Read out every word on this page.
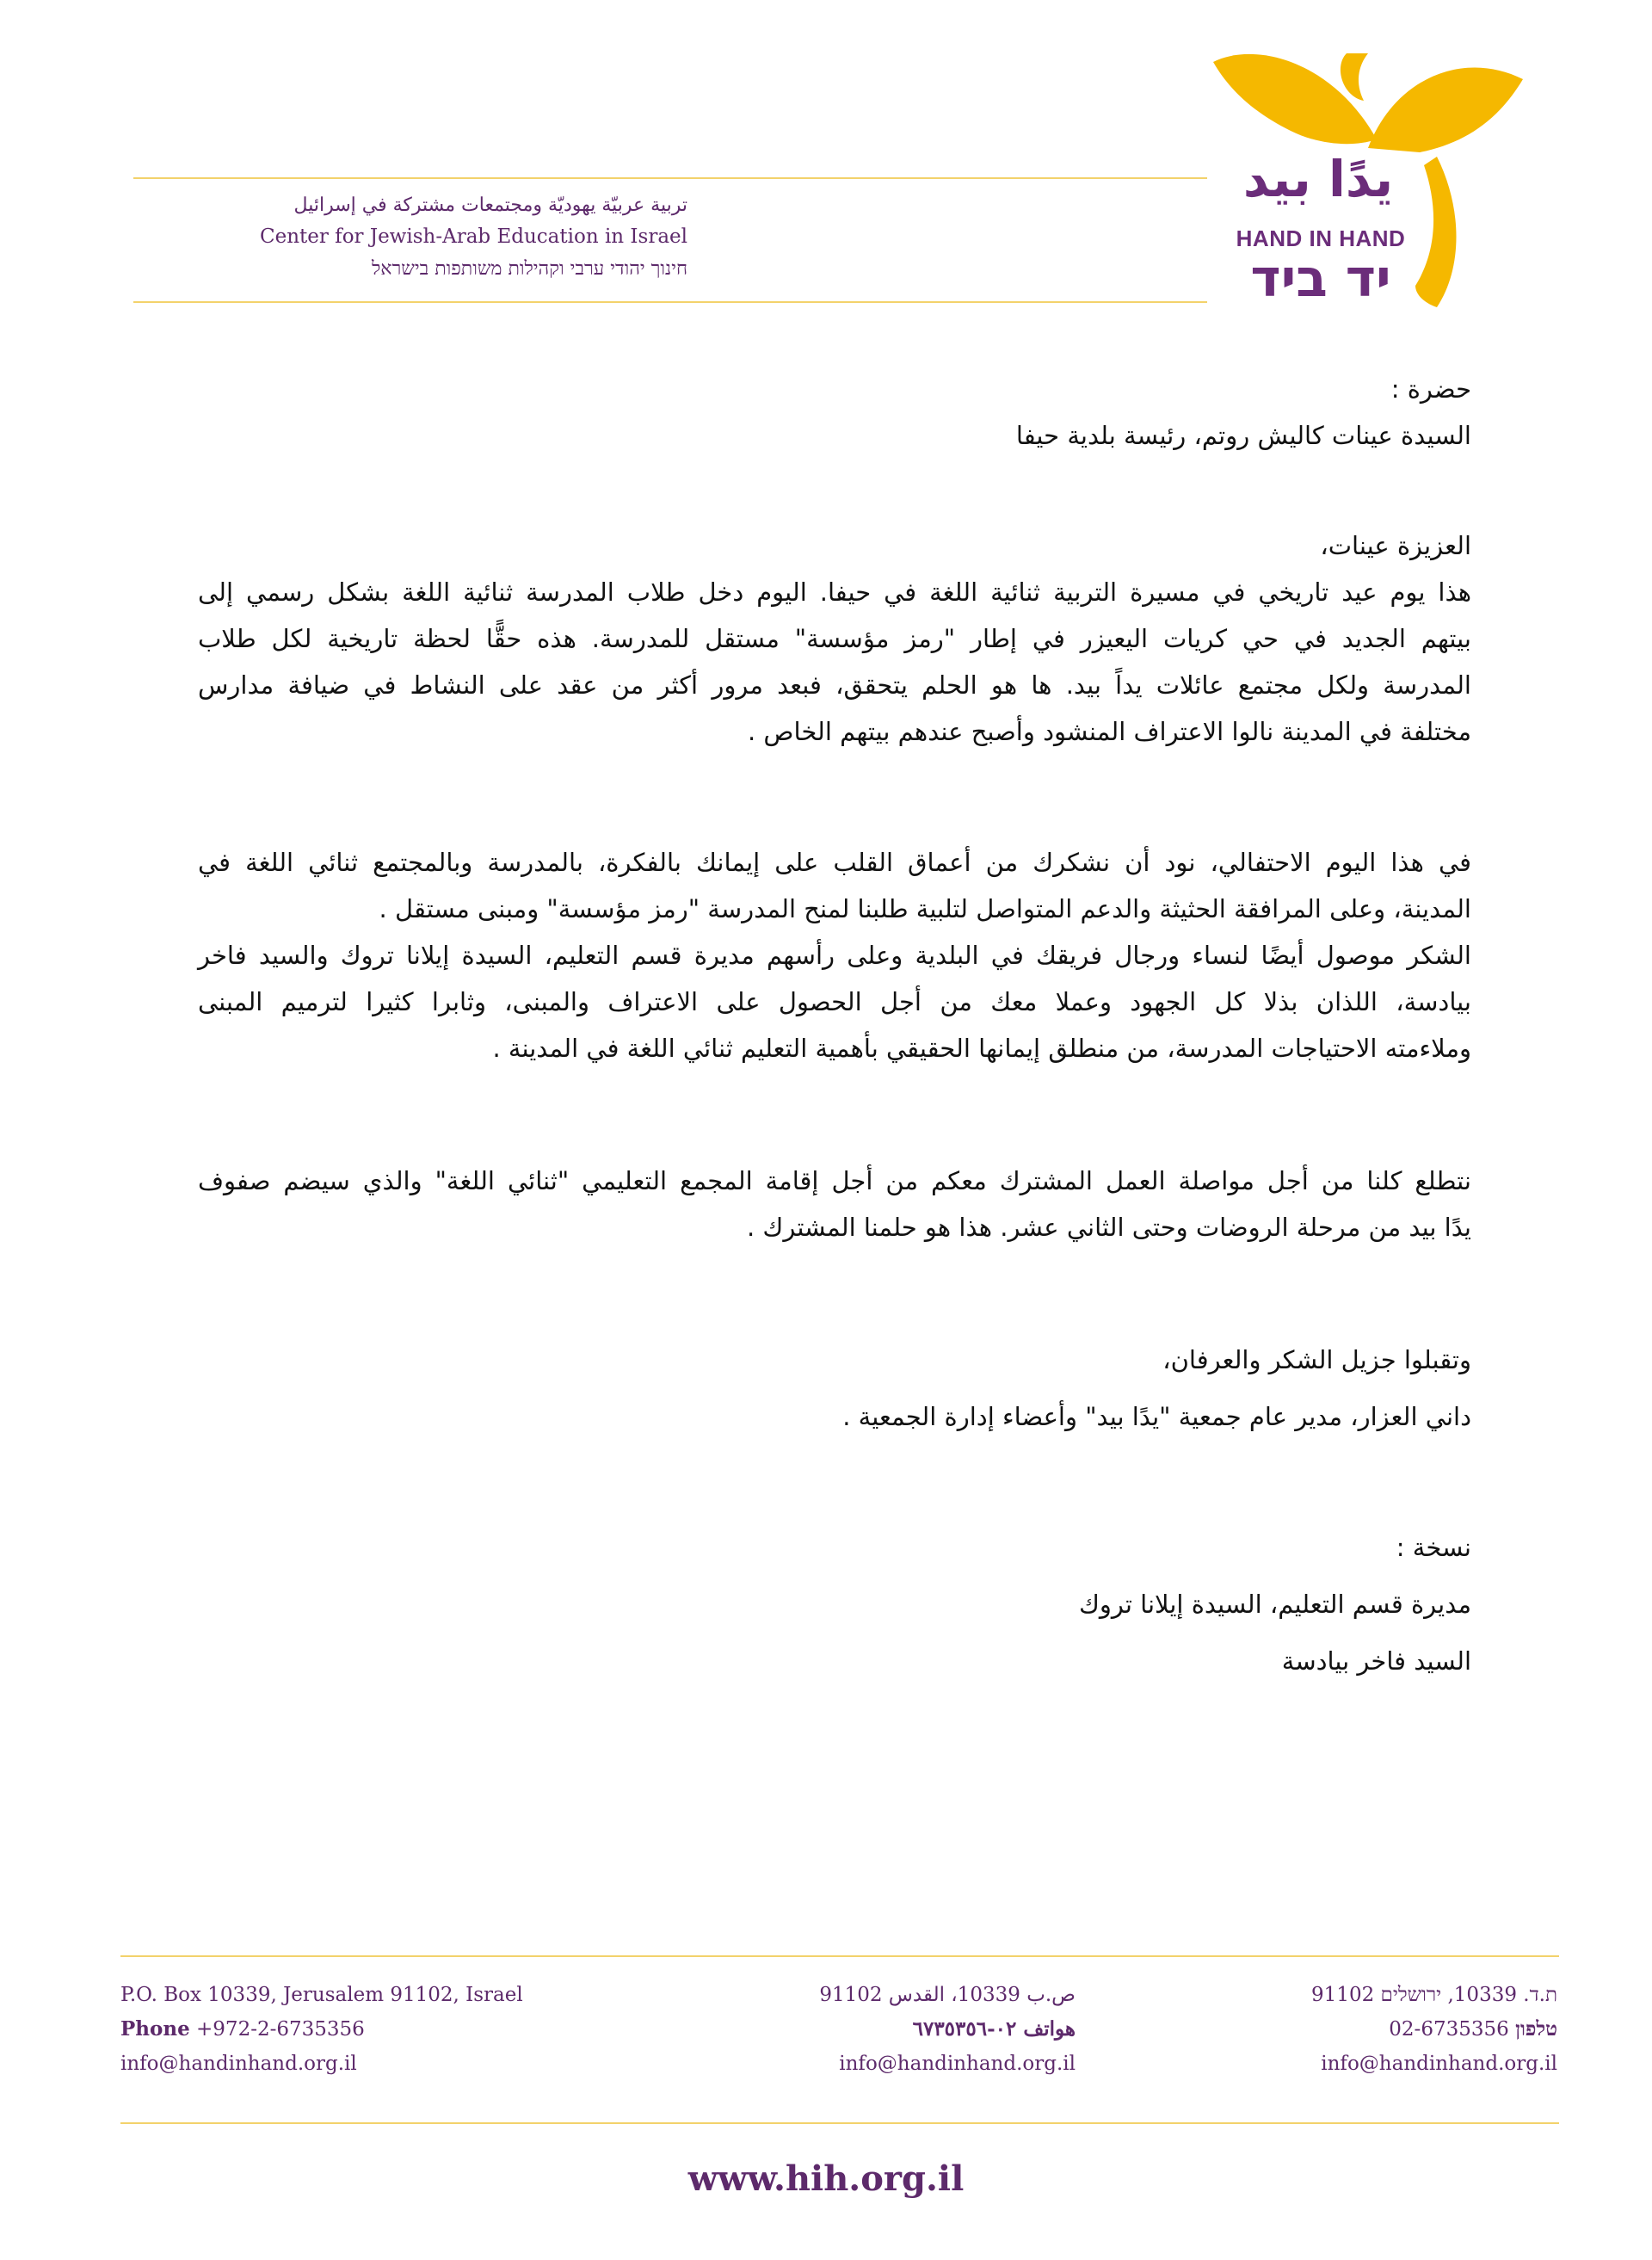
تربية عربيّة يهوديّة ومجتمعات مشتركة في إسرائيل
Center for Jewish-Arab Education in Israel
חינוך יהודי ערבי וקהילות משותפות בישראל
يدًا بيد
HAND IN HAND
יד ביד
حضرة :
السيدة عينات كاليش روتم، رئيسة بلدية حيفا
العزيزة عينات،
هذا يوم عيد تاريخي في مسيرة التربية ثنائية اللغة في حيفا. اليوم دخل طلاب المدرسة ثنائية اللغة بشكل رسمي إلى
بيتهم الجديد في حي كريات اليعيزر في إطار "رمز مؤسسة" مستقل للمدرسة. هذه حقًّا لحظة تاريخية لكل طلاب
المدرسة ولكل مجتمع عائلات يداً بيد. ها هو الحلم يتحقق، فبعد مرور أكثر من عقد على النشاط في ضيافة مدارس
مختلفة في المدينة نالوا الاعتراف المنشود وأصبح عندهم بيتهم الخاص .
في هذا اليوم الاحتفالي، نود أن نشكرك من أعماق القلب على إيمانك بالفكرة، بالمدرسة وبالمجتمع ثنائي اللغة في
المدينة، وعلى المرافقة الحثيثة والدعم المتواصل لتلبية طلبنا لمنح المدرسة "رمز مؤسسة" ومبنى مستقل .
الشكر موصول أيضًا لنساء ورجال فريقك في البلدية وعلى رأسهم مديرة قسم التعليم، السيدة إيلانا تروك والسيد فاخر
بيادسة، اللذان بذلا كل الجهود وعملا معك من أجل الحصول على الاعتراف والمبنى، وثابرا كثيرا لترميم المبنى
وملاءمته الاحتياجات المدرسة، من منطلق إيمانها الحقيقي بأهمية التعليم ثنائي اللغة في المدينة .
نتطلع كلنا من أجل مواصلة العمل المشترك معكم من أجل إقامة المجمع التعليمي "ثنائي اللغة" والذي سيضم صفوف
يدًا بيد من مرحلة الروضات وحتى الثاني عشر. هذا هو حلمنا المشترك .
وتقبلوا جزيل الشكر والعرفان،
داني العزار، مدير عام جمعية "يدًا بيد" وأعضاء إدارة الجمعية .
نسخة :
مديرة قسم التعليم، السيدة إيلانا تروك
السيد فاخر بيادسة
P.O. Box 10339, Jerusalem 91102, Israel
Phone +972-2-6735356
info@handinhand.org.il
ص.ب 10339، القدس 91102
هواتف ٠٢-٦٧٣٥٣٥٦
info@handinhand.org.il
ת.ד. 10339, ירושלים 91102
טלפון 02-6735356
info@handinhand.org.il
www.hih.org.il
